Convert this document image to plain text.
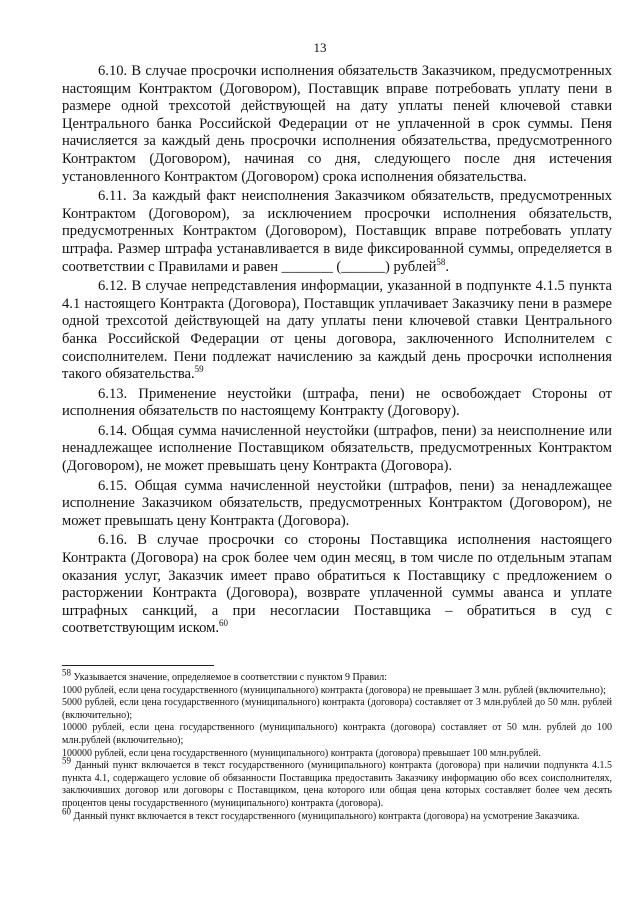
13

6.10. В случае просрочки исполнения обязательств Заказчиком, предусмотренных настоящим Контрактом (Договором), Поставщик вправе потребовать уплату пени в размере одной трехсотой действующей на дату уплаты пеней ключевой ставки Центрального банка Российской Федерации от не уплаченной в срок суммы. Пеня начисляется за каждый день просрочки исполнения обязательства, предусмотренного Контрактом (Договором), начиная со дня, следующего после дня истечения установленного Контрактом (Договором) срока исполнения обязательства.

6.11. За каждый факт неисполнения Заказчиком обязательств, предусмотренных Контрактом (Договором), за исключением просрочки исполнения обязательств, предусмотренных Контрактом (Договором), Поставщик вправе потребовать уплату штрафа. Размер штрафа устанавливается в виде фиксированной суммы, определяется в соответствии с Правилами и равен _______ (______) рублей$^{58}$.

6.12. В случае непредставления информации, указанной в подпункте 4.1.5 пункта 4.1 настоящего Контракта (Договора), Поставщик уплачивает Заказчику пени в размере одной трехсотой действующей на дату уплаты пени ключевой ставки Центрального банка Российской Федерации от цены договора, заключенного Исполнителем с соисполнителем. Пени подлежат начислению за каждый день просрочки исполнения такого обязательства.$^{59}$

6.13. Применение неустойки (штрафа, пени) не освобождает Стороны от исполнения обязательств по настоящему Контракту (Договору).

6.14. Общая сумма начисленной неустойки (штрафов, пени) за неисполнение или ненадлежащее исполнение Поставщиком обязательств, предусмотренных Контрактом (Договором), не может превышать цену Контракта (Договора).

6.15. Общая сумма начисленной неустойки (штрафов, пени) за ненадлежащее исполнение Заказчиком обязательств, предусмотренных Контрактом (Договором), не может превышать цену Контракта (Договора).

6.16. В случае просрочки со стороны Поставщика исполнения настоящего Контракта (Договора) на срок более чем один месяц, в том числе по отдельным этапам оказания услуг, Заказчик имеет право обратиться к Поставщику с предложением о расторжении Контракта (Договора), возврате уплаченной суммы аванса и уплате штрафных санкций, а при несогласии Поставщика – обратиться в суд с соответствующим иском.$^{60}$

$^{58}$ Указывается значение, определяемое в соответствии с пунктом 9 Правил:

1000 рублей, если цена государственного (муниципального) контракта (договора) не превышает 3 млн. рублей (включительно);

5000 рублей, если цена государственного (муниципального) контракта (договора) составляет от 3 млн.рублей до 50 млн. рублей (включительно);

10000 рублей, если цена государственного (муниципального) контракта (договора) составляет от 50 млн. рублей до 100 млн.рублей (включительно);

100000 рублей, если цена государственного (муниципального) контракта (договора) превышает 100 млн.рублей.

$^{59}$ Данный пункт включается в текст государственного (муниципального) контракта (договора) при наличии подпункта 4.1.5 пункта 4.1, содержащего условие об обязанности Поставщика предоставить Заказчику информацию обо всех соисполнителях, заключивших договор или договоры с Поставщиком, цена которого или общая цена которых составляет более чем десять процентов цены государственного (муниципального) контракта (договора).

$^{60}$ Данный пункт включается в текст государственного (муниципального) контракта (договора) на усмотрение Заказчика.
